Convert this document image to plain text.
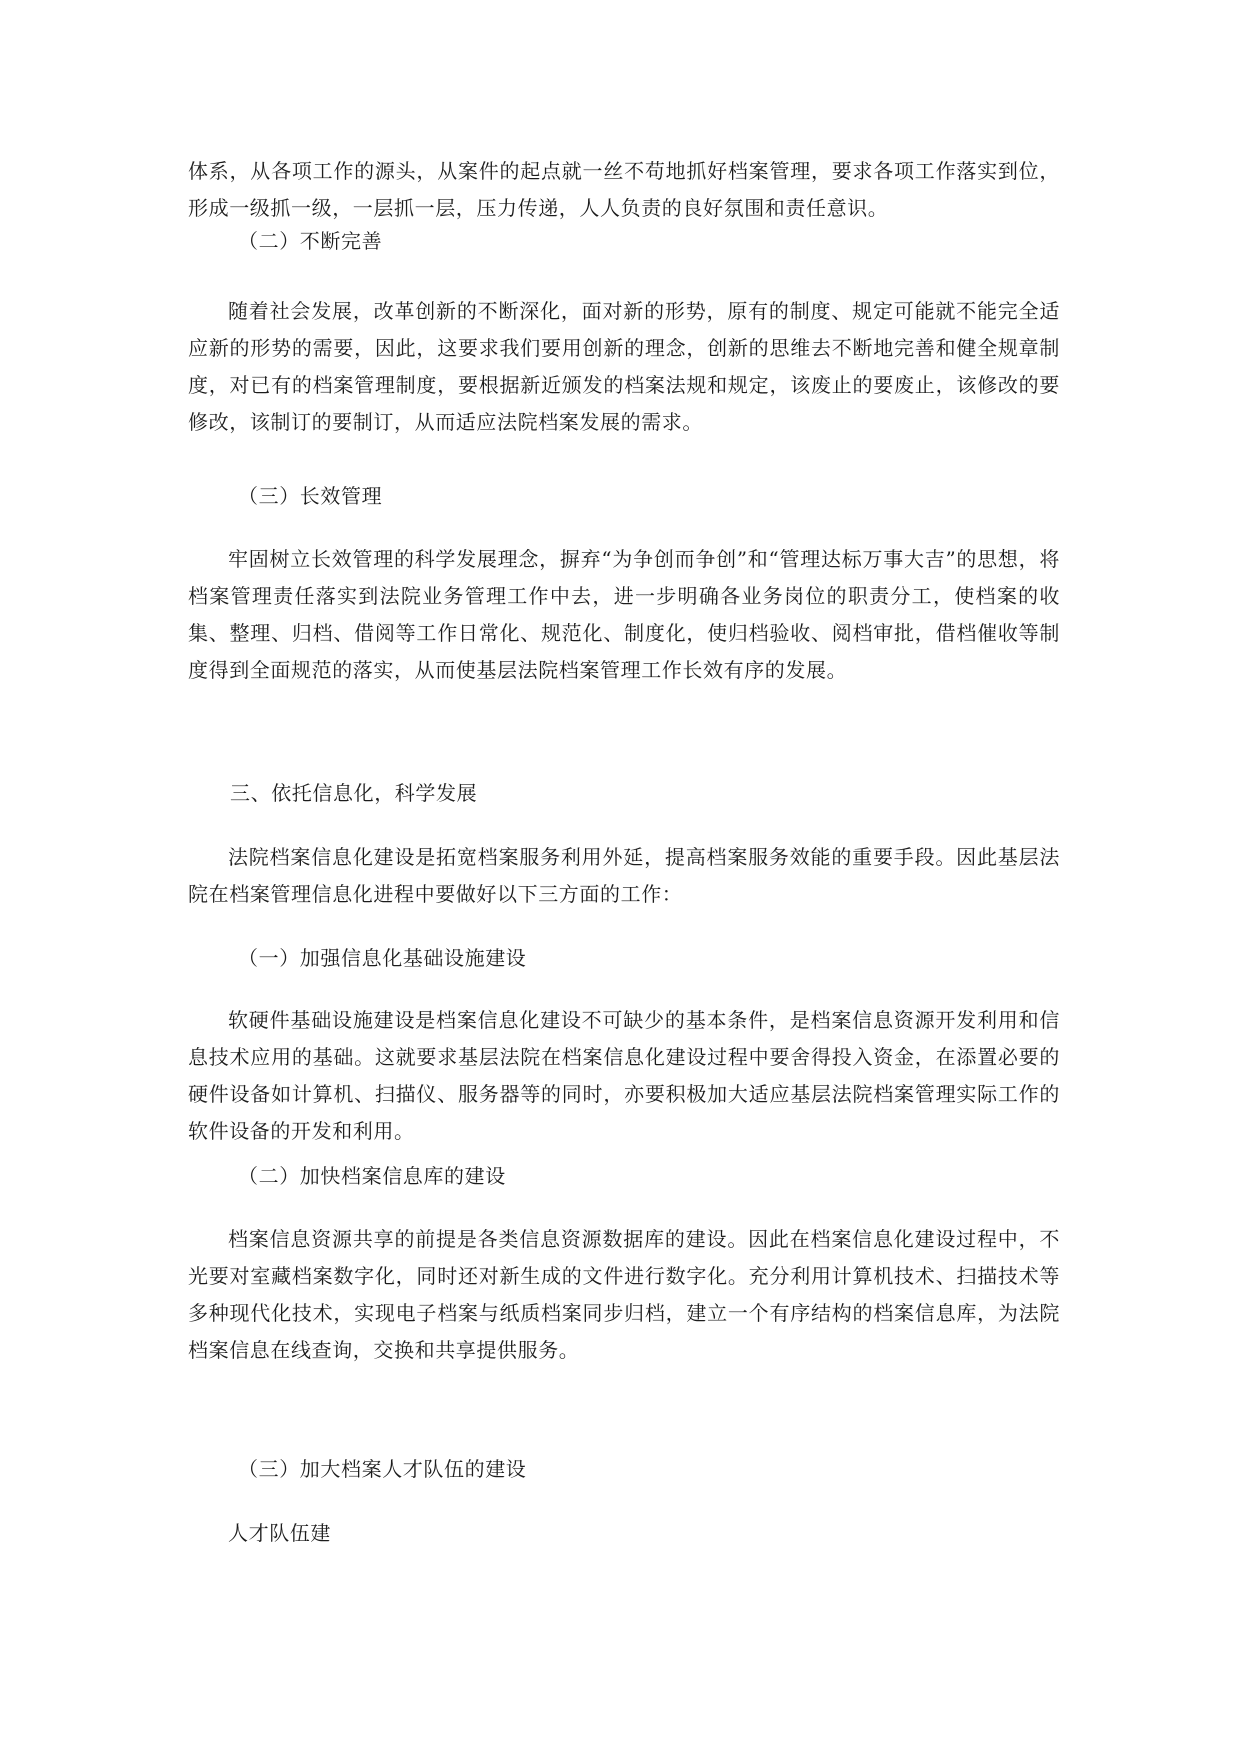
体系，从各项工作的源头，从案件的起点就一丝不苟地抓好档案管理，要求各项工作落实到位，形成一级抓一级，一层抓一层，压力传递，人人负责的良好氛围和责任意识。

（二）不断完善

随着社会发展，改革创新的不断深化，面对新的形势，原有的制度、规定可能就不能完全适应新的形势的需要，因此，这要求我们要用创新的理念，创新的思维去不断地完善和健全规章制度，对已有的档案管理制度，要根据新近颁发的档案法规和规定，该废止的要废止，该修改的要修改，该制订的要制订，从而适应法院档案发展的需求。

（三）长效管理

牢固树立长效管理的科学发展理念，摒弃“为争创而争创”和“管理达标万事大吉”的思想，将档案管理责任落实到法院业务管理工作中去，进一步明确各业务岗位的职责分工，使档案的收集、整理、归档、借阅等工作日常化、规范化、制度化，使归档验收、阅档审批，借档催收等制度得到全面规范的落实，从而使基层法院档案管理工作长效有序的发展。

三、依托信息化，科学发展

法院档案信息化建设是拓宽档案服务利用外延，提高档案服务效能的重要手段。因此基层法院在档案管理信息化进程中要做好以下三方面的工作：

（一）加强信息化基础设施建设

软硬件基础设施建设是档案信息化建设不可缺少的基本条件，是档案信息资源开发利用和信息技术应用的基础。这就要求基层法院在档案信息化建设过程中要舍得投入资金，在添置必要的硬件设备如计算机、扫描仪、服务器等的同时，亦要积极加大适应基层法院档案管理实际工作的软件设备的开发和利用。

（二）加快档案信息库的建设

档案信息资源共享的前提是各类信息资源数据库的建设。因此在档案信息化建设过程中，不光要对室藏档案数字化，同时还对新生成的文件进行数字化。充分利用计算机技术、扫描技术等多种现代化技术，实现电子档案与纸质档案同步归档，建立一个有序结构的档案信息库，为法院档案信息在线查询，交换和共享提供服务。

（三）加大档案人才队伍的建设

人才队伍建
